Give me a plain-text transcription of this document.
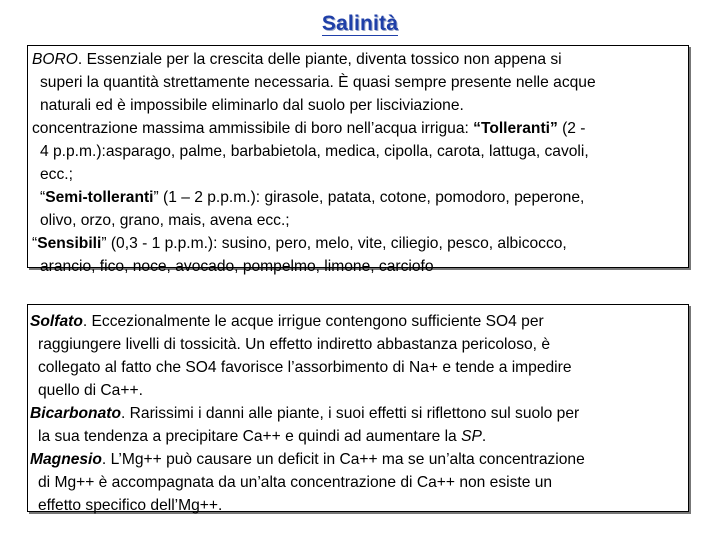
Salinità
BORO. Essenziale per la crescita delle piante, diventa tossico non appena si
superi la quantità strettamente necessaria. È quasi sempre presente nelle acque
naturali ed è impossibile eliminarlo dal suolo per lisciviazione.
concentrazione massima ammissibile di boro nell’acqua irrigua: “Tolleranti” (2 -
4 p.p.m.):asparago, palme, barbabietola, medica, cipolla, carota, lattuga, cavoli,
ecc.;
“Semi-tolleranti” (1 – 2 p.p.m.): girasole, patata, cotone, pomodoro, peperone,
olivo, orzo, grano, mais, avena ecc.;
“Sensibili” (0,3 - 1 p.p.m.): susino, pero, melo, vite, ciliegio, pesco, albicocco,
arancio, fico, noce, avocado, pompelmo, limone, carciofo
Solfato. Eccezionalmente le acque irrigue contengono sufficiente SO4 per
raggiungere livelli di tossicità. Un effetto indiretto abbastanza pericoloso, è
collegato al fatto che SO4 favorisce l’assorbimento di Na+ e tende a impedire
quello di Ca++.
Bicarbonato. Rarissimi i danni alle piante, i suoi effetti si riflettono sul suolo per
la sua tendenza a precipitare Ca++ e quindi ad aumentare la SP.
Magnesio. L’Mg++ può causare un deficit in Ca++ ma se un’alta concentrazione
di Mg++ è accompagnata da un’alta concentrazione di Ca++ non esiste un
effetto specifico dell’Mg++.
